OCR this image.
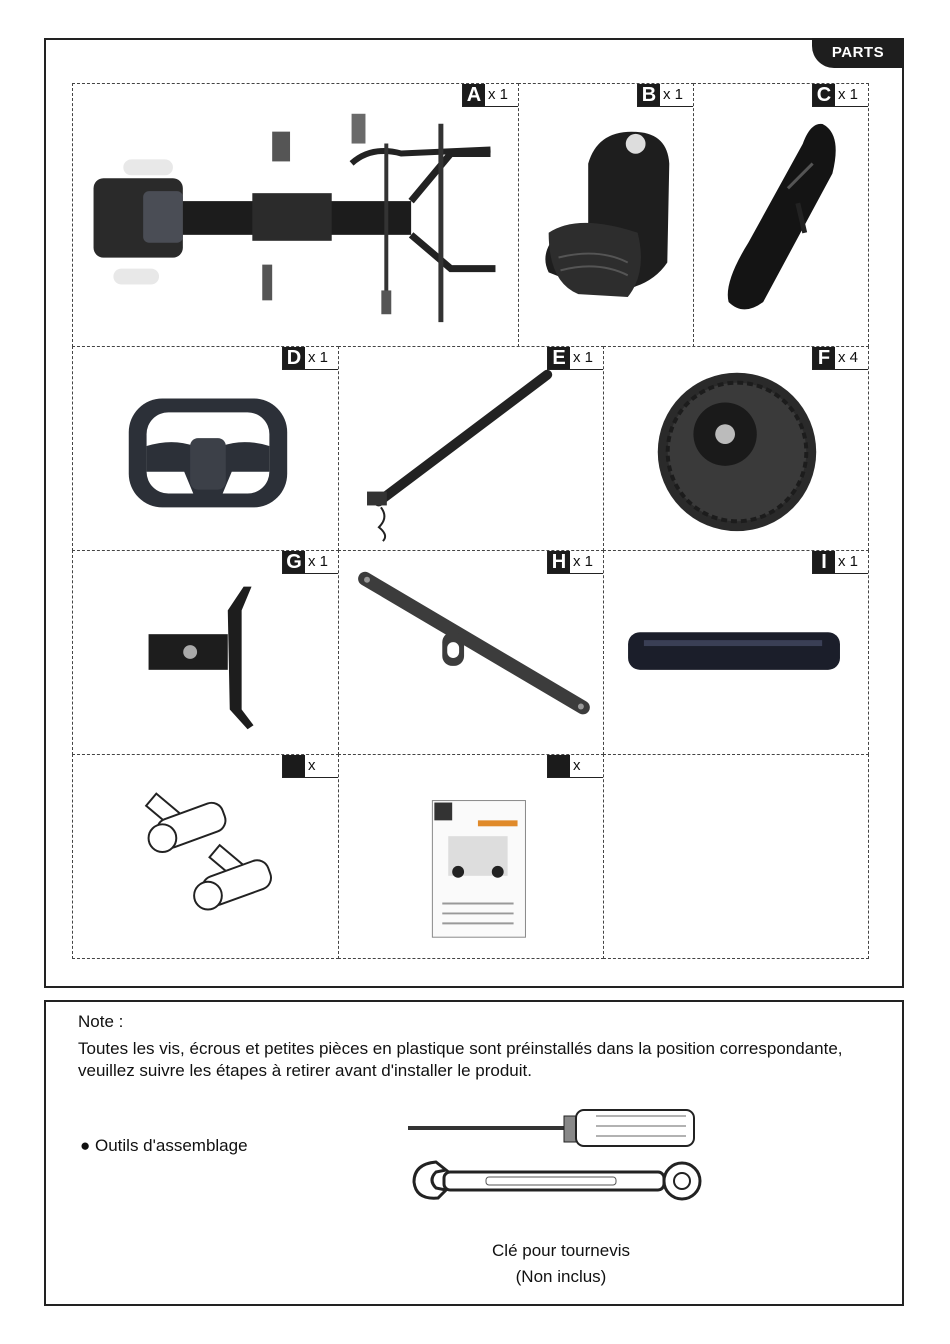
PARTS
A x 1	B x 1	C x 1
D x 1	E x 1	F x 4
G x 1	H x 1	I x 1
x	x
Note :
Toutes les vis, écrous et petites pièces en plastique sont préinstallés dans la position correspondante, veuillez suivre les étapes à retirer avant d'installer le produit.
● Outils d'assemblage
Clé pour tournevis
(Non inclus)
